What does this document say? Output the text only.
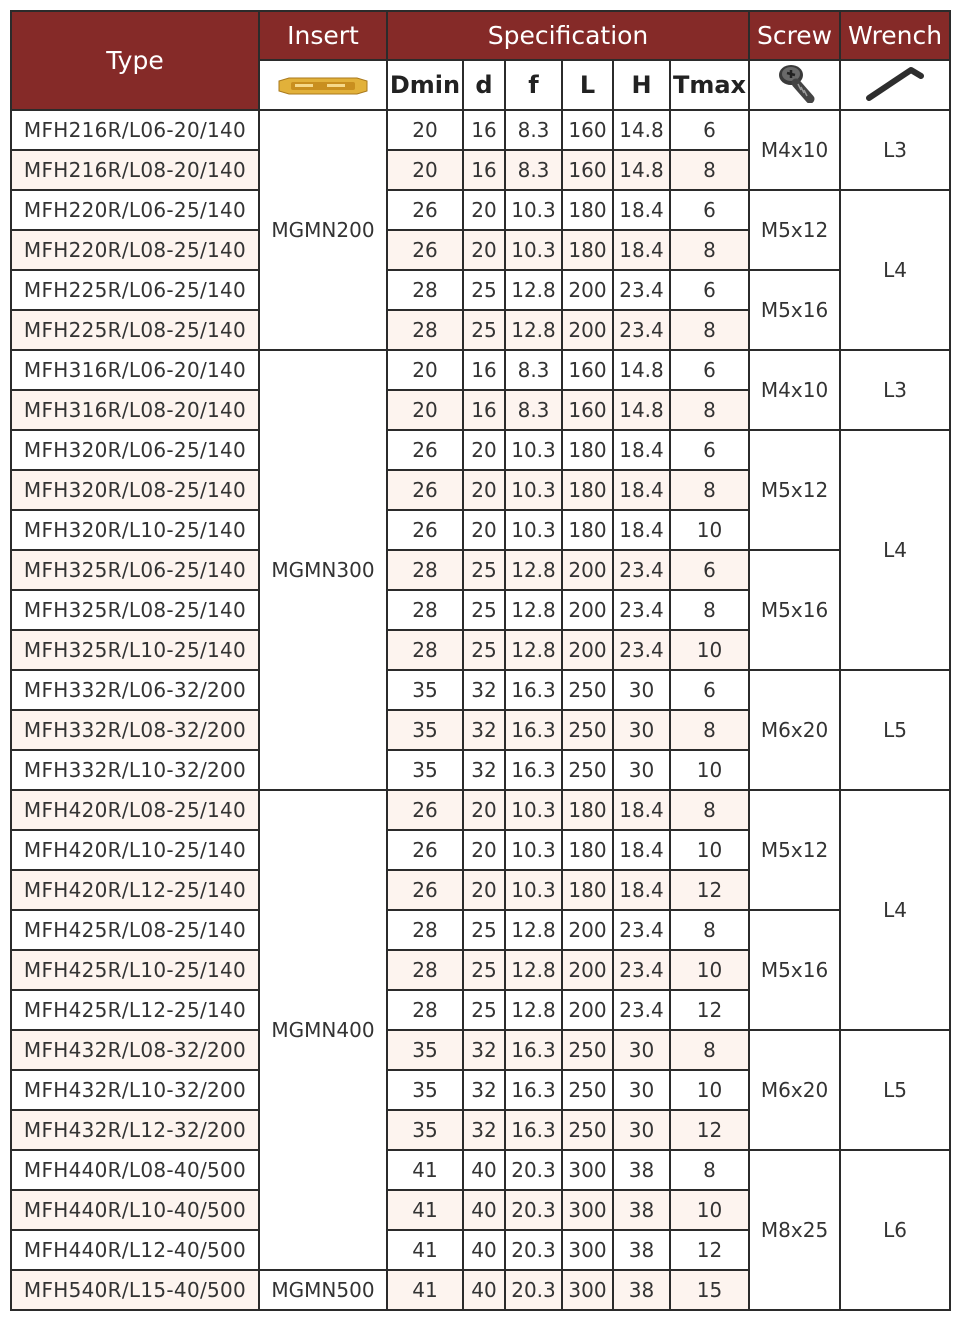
Type	Insert	Specification						Screw	Wrench
	Dmin	d	f	L	H	Tmax		
MFH216R/L06-20/140	MGMN200	20	16	8.3	160	14.8	6	M4x10	L3
MFH216R/L08-20/140		20	16	8.3	160	14.8	8		
MFH220R/L06-25/140		26	20	10.3	180	18.4	6	M5x12	L4
MFH220R/L08-25/140		26	20	10.3	180	18.4	8		
MFH225R/L06-25/140		28	25	12.8	200	23.4	6	M5x16	
MFH225R/L08-25/140		28	25	12.8	200	23.4	8		
MFH316R/L06-20/140	MGMN300	20	16	8.3	160	14.8	6	M4x10	L3
MFH316R/L08-20/140		20	16	8.3	160	14.8	8		
MFH320R/L06-25/140		26	20	10.3	180	18.4	6	M5x12	L4
MFH320R/L08-25/140		26	20	10.3	180	18.4	8		
MFH320R/L10-25/140		26	20	10.3	180	18.4	10		
MFH325R/L06-25/140		28	25	12.8	200	23.4	6	M5x16	
MFH325R/L08-25/140		28	25	12.8	200	23.4	8		
MFH325R/L10-25/140		28	25	12.8	200	23.4	10		
MFH332R/L06-32/200		35	32	16.3	250	30	6	M6x20	L5
MFH332R/L08-32/200		35	32	16.3	250	30	8		
MFH332R/L10-32/200		35	32	16.3	250	30	10		
MFH420R/L08-25/140	MGMN400	26	20	10.3	180	18.4	8	M5x12	L4
MFH420R/L10-25/140		26	20	10.3	180	18.4	10		
MFH420R/L12-25/140		26	20	10.3	180	18.4	12		
MFH425R/L08-25/140		28	25	12.8	200	23.4	8	M5x16	
MFH425R/L10-25/140		28	25	12.8	200	23.4	10		
MFH425R/L12-25/140		28	25	12.8	200	23.4	12		
MFH432R/L08-32/200		35	32	16.3	250	30	8	M6x20	L5
MFH432R/L10-32/200		35	32	16.3	250	30	10		
MFH432R/L12-32/200		35	32	16.3	250	30	12		
MFH440R/L08-40/500		41	40	20.3	300	38	8	M8x25	L6
MFH440R/L10-40/500		41	40	20.3	300	38	10		
MFH440R/L12-40/500		41	40	20.3	300	38	12		
MFH540R/L15-40/500	MGMN500	41	40	20.3	300	38	15		
